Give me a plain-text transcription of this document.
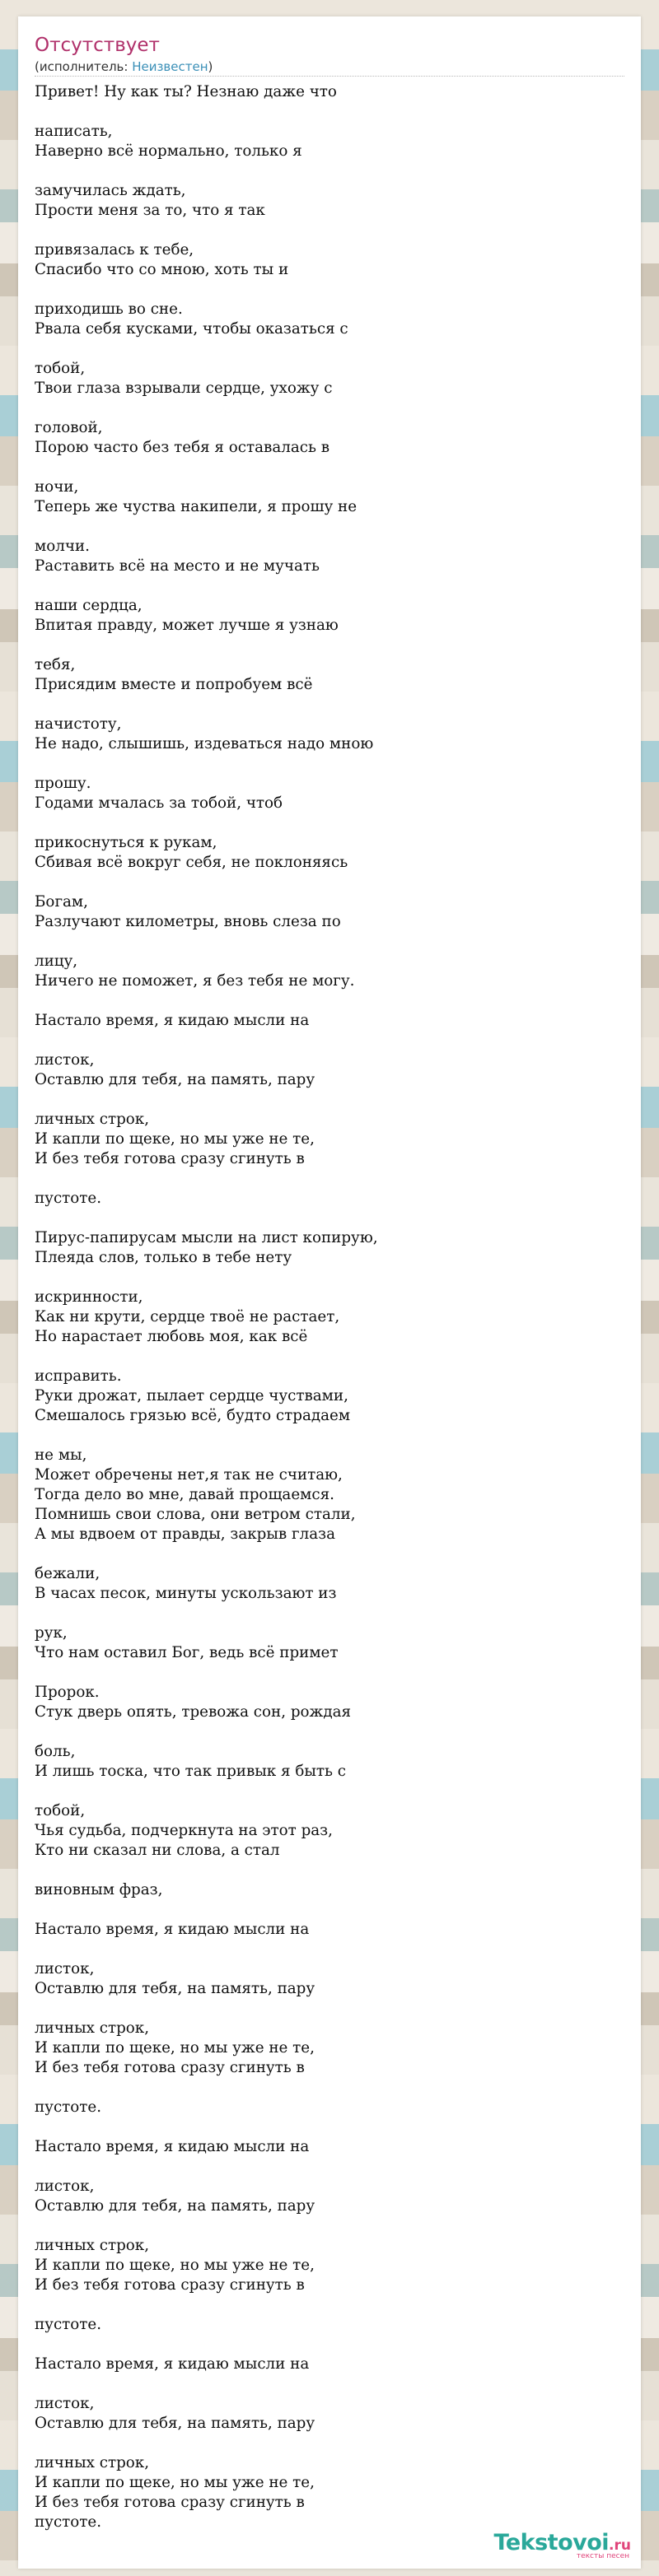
Отсутствует
(исполнитель: Неизвестен)
Привет! Ну как ты? Незнаю даже что
написать,
Наверно всё нормально, только я
замучилась ждать,
Прости меня за то, что я так
привязалась к тебе,
Спасибо что со мною, хоть ты и
приходишь во сне.
Рвала себя кусками, чтобы оказаться с
тобой,
Твои глаза взрывали сердце, ухожу с
головой,
Порою часто без тебя я оставалась в
ночи,
Теперь же чуства накипели, я прошу не
молчи.
Раставить всё на место и не мучать
наши сердца,
Впитая правду, может лучше я узнаю
тебя,
Присядим вместе и попробуем всё
начистоту,
Не надо, слышишь, издеваться надо мною
прошу.
Годами мчалась за тобой, чтоб
прикоснуться к рукам,
Сбивая всё вокруг себя, не поклоняясь
Богам,
Разлучают километры, вновь слеза по
лицу,
Ничего не поможет, я без тебя не могу.
Настало время, я кидаю мысли на
листок,
Оставлю для тебя, на память, пару
личных строк,
И капли по щеке, но мы уже не те,
И без тебя готова сразу сгинуть в
пустоте.
Пирус-папирусам мысли на лист копирую,
Плеяда слов, только в тебе нету
искринности,
Как ни крути, сердце твоё не растает,
Но нарастает любовь моя, как всё
исправить.
Руки дрожат, пылает сердце чуствами,
Смешалось грязью всё, будто страдаем
не мы,
Может обречены нет,я так не считаю,
Тогда дело во мне, давай прощаемся.
Помнишь свои слова, они ветром стали,
А мы вдвоем от правды, закрыв глаза
бежали,
В часах песок, минуты ускользают из
рук,
Что нам оставил Бог, ведь всё примет
Пророк.
Стук дверь опять, тревожа сон, рождая
боль,
И лишь тоска, что так привык я быть с
тобой,
Чья судьба, подчеркнута на этот раз,
Кто ни сказал ни слова, а стал
виновным фраз,
Настало время, я кидаю мысли на
листок,
Оставлю для тебя, на память, пару
личных строк,
И капли по щеке, но мы уже не те,
И без тебя готова сразу сгинуть в
пустоте.
Настало время, я кидаю мысли на
листок,
Оставлю для тебя, на память, пару
личных строк,
И капли по щеке, но мы уже не те,
И без тебя готова сразу сгинуть в
пустоте.
Настало время, я кидаю мысли на
листок,
Оставлю для тебя, на память, пару
личных строк,
И капли по щеке, но мы уже не те,
И без тебя готова сразу сгинуть в
пустоте.
Tekstovoi.ru
тексты песен
